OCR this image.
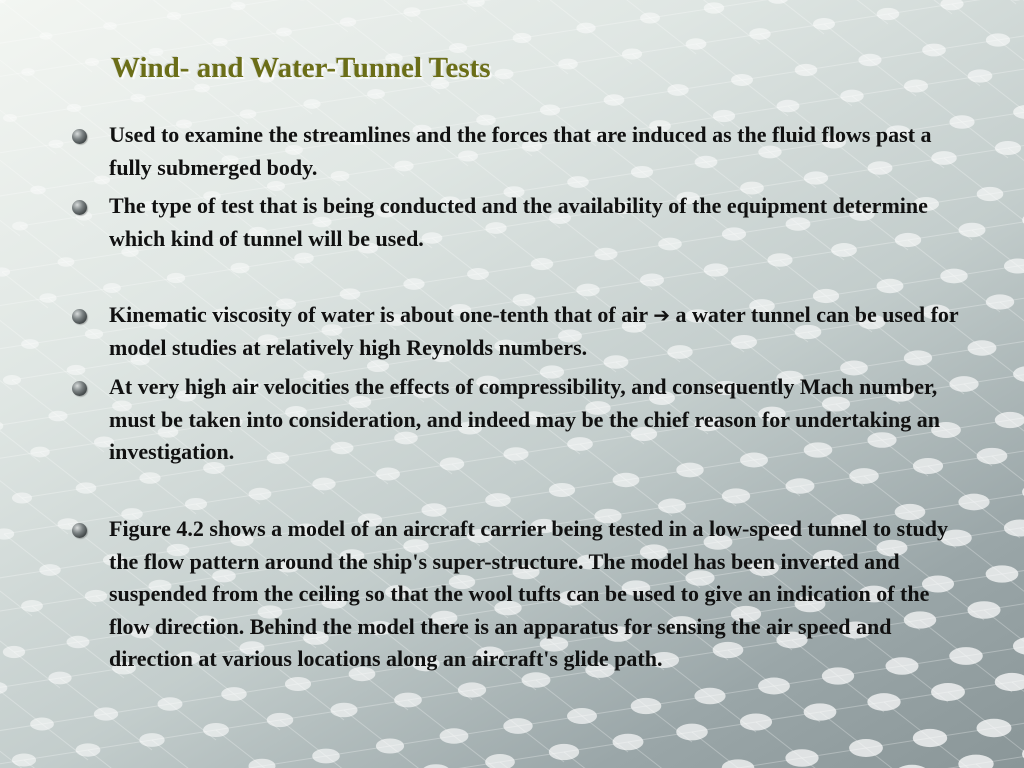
Wind- and Water-Tunnel Tests

Used to examine the streamlines and the forces that are induced as the fluid flows past a fully submerged body.

The type of test that is being conducted and the availability of the equipment determine which kind of tunnel will be used.

Kinematic viscosity of water is about one-tenth that of air ➔ a water tunnel can be used for model studies at relatively high Reynolds numbers.

At very high air velocities the effects of compressibility, and consequently Mach number, must be taken into consideration, and indeed may be the chief reason for undertaking an investigation.

Figure 4.2 shows a model of an aircraft carrier being tested in a low-speed tunnel to study the flow pattern around the ship's super-structure. The model has been inverted and suspended from the ceiling so that the wool tufts can be used to give an indication of the flow direction. Behind the model there is an apparatus for sensing the air speed and direction at various locations along an aircraft's glide path.
